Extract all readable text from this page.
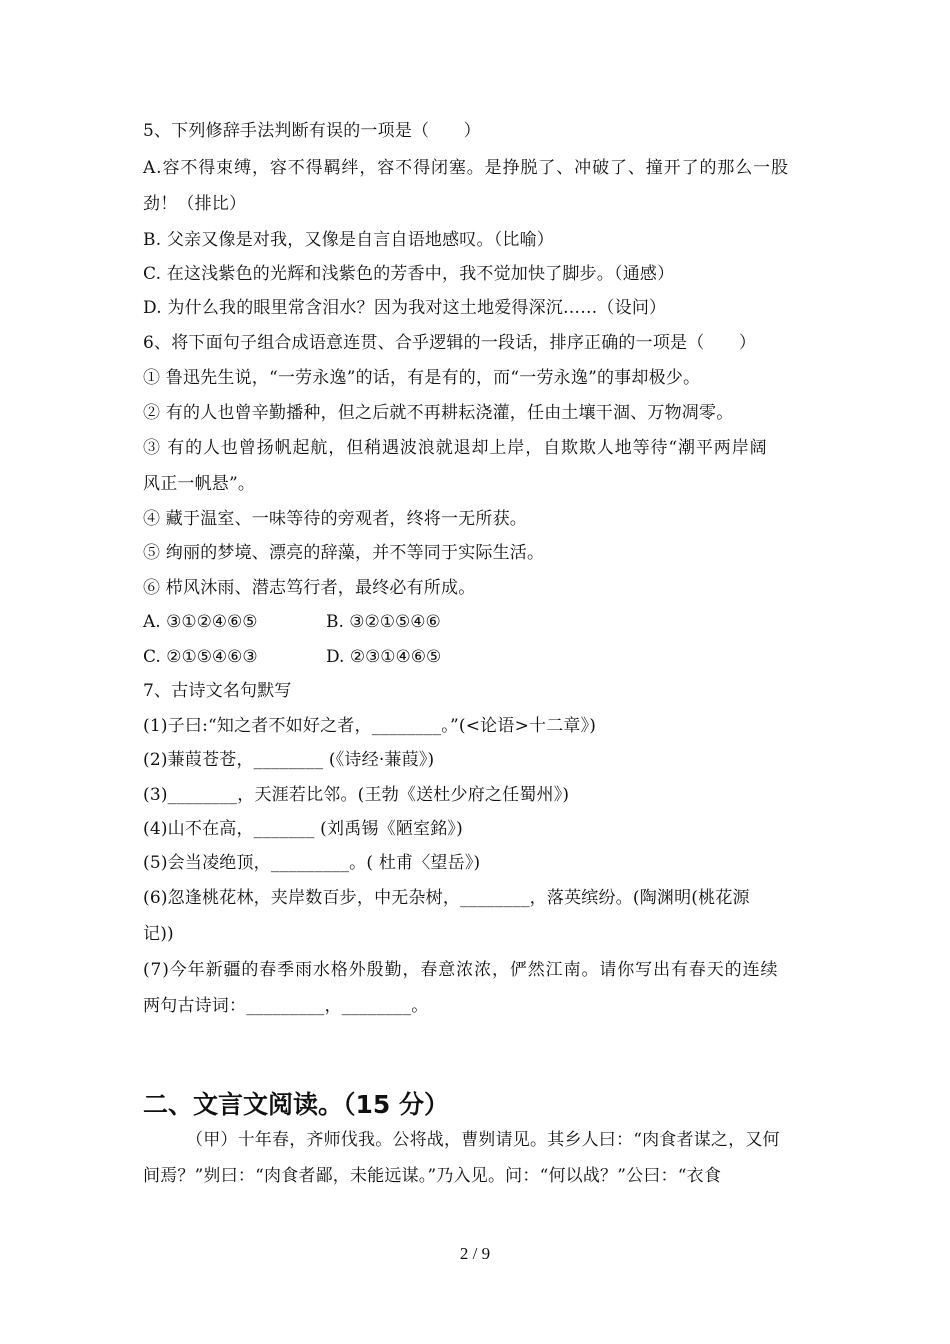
5、下列修辞手法判断有误的一项是（　　）
A.容不得束缚，容不得羁绊，容不得闭塞。是挣脱了、冲破了、撞开了的那么一股
劲！（排比）
B. 父亲又像是对我，又像是自言自语地感叹。（比喻）
C. 在这浅紫色的光辉和浅紫色的芳香中，我不觉加快了脚步。（通感）
D. 为什么我的眼里常含泪水？因为我对这土地爱得深沉……（设问）
6、将下面句子组合成语意连贯、合乎逻辑的一段话，排序正确的一项是（　　）
① 鲁迅先生说，“一劳永逸”的话，有是有的，而“一劳永逸”的事却极少。
② 有的人也曾辛勤播种，但之后就不再耕耘浇灌，任由土壤干涸、万物凋零。
③ 有的人也曾扬帆起航，但稍遇波浪就退却上岸，自欺欺人地等待“潮平两岸阔
风正一帆悬”。
④ 藏于温室、一味等待的旁观者，终将一无所获。
⑤ 绚丽的梦境、漂亮的辞藻，并不等同于实际生活。
⑥ 栉风沐雨、潜志笃行者，最终必有所成。
A. ③①②④⑥⑤	B. ③②①⑤④⑥
C. ②①⑤④⑥③	D. ②③①④⑥⑤
7、古诗文名句默写
(1)子曰:“知之者不如好之者，________。”(<论语>十二章》)
(2)蒹葭苍苍，________ (《诗经·蒹葭》)
(3)________，天涯若比邻。(王勃《送杜少府之任蜀州》)
(4)山不在高，_______ (刘禹锡《陋室銘》)
(5)会当凌绝顶，_________。( 杜甫〈望岳》)
(6)忽逢桃花林，夹岸数百步，中无杂树，________，落英缤纷。(陶渊明(桃花源
记))
(7)今年新疆的春季雨水格外殷勤，春意浓浓，俨然江南。请你写出有春天的连续
两句古诗词：_________，________。
二、文言文阅读。（15 分）
（甲）十年春，齐师伐我。公将战，曹刿请见。其乡人曰：“肉食者谋之，又何
间焉？”刿曰：“肉食者鄙，未能远谋。”乃入见。问：“何以战？”公曰：“衣食
2 / 9
